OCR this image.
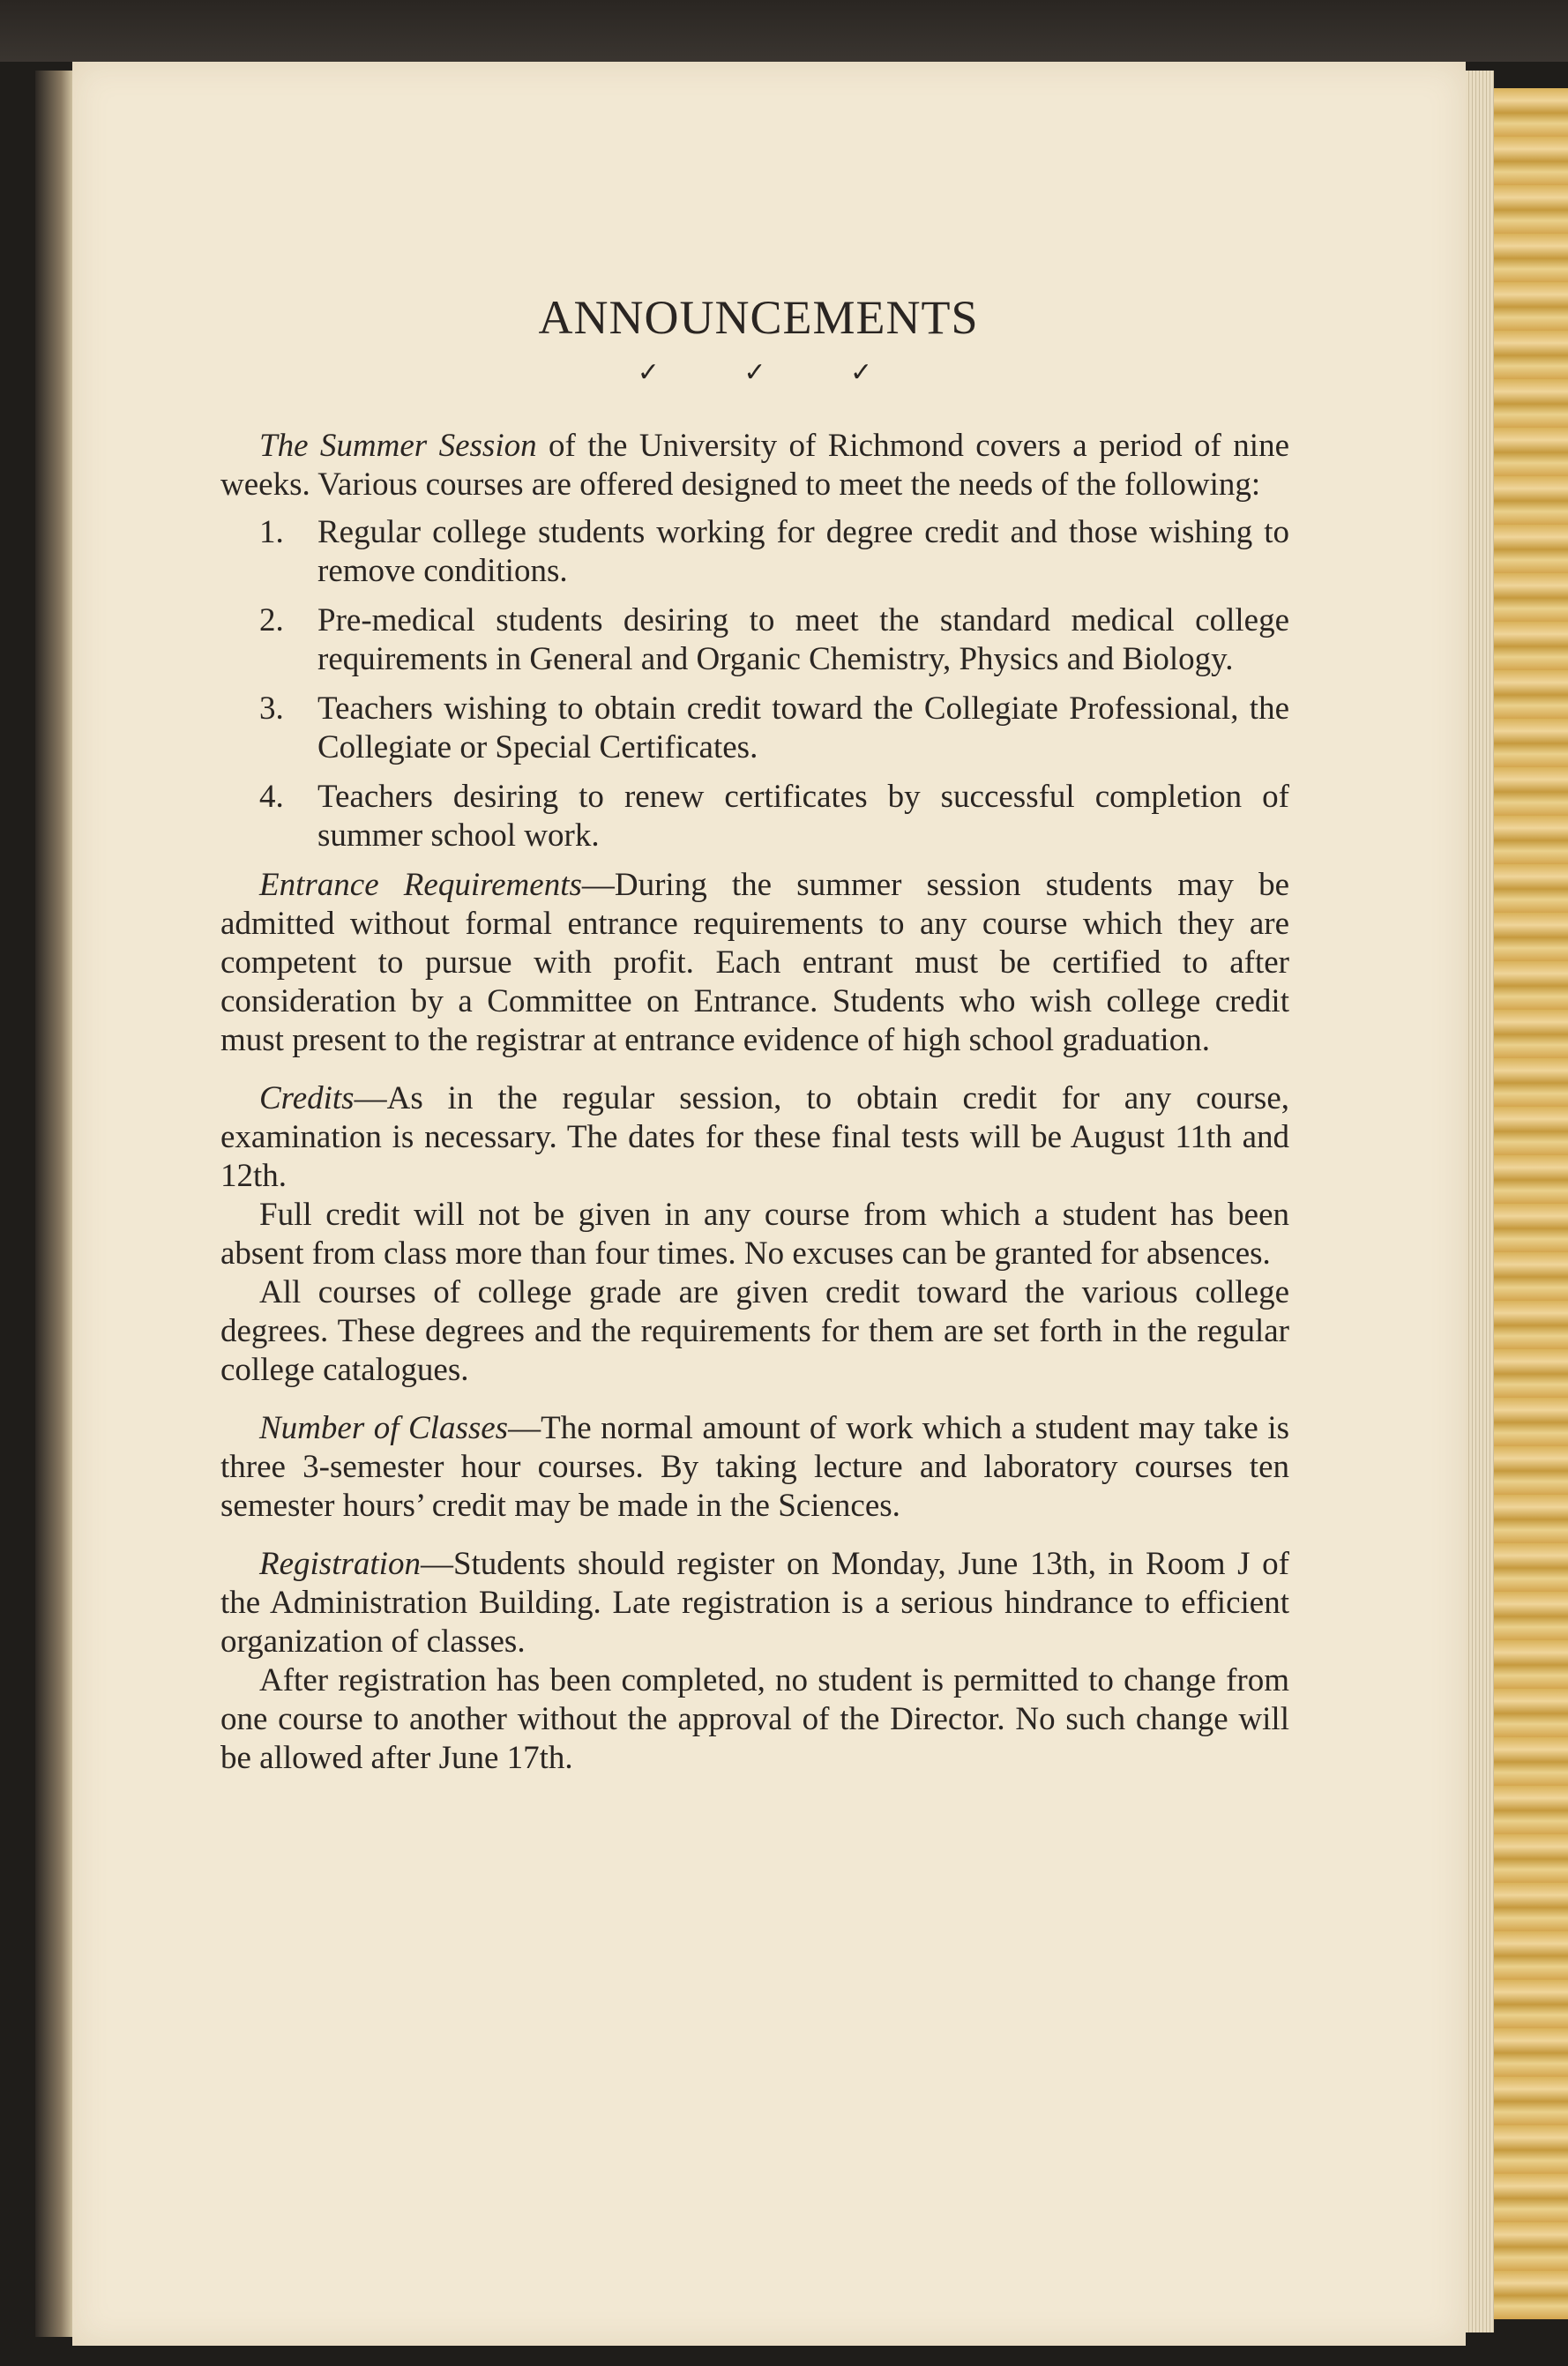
ANNOUNCEMENTS
✓ ✓ ✓

The Summer Session of the University of Richmond covers a period of nine weeks. Various courses are offered designed to meet the needs of the following:

1. Regular college students working for degree credit and those wishing to remove conditions.
2. Pre-medical students desiring to meet the standard medical college requirements in General and Organic Chemistry, Physics and Biology.
3. Teachers wishing to obtain credit toward the Collegiate Professional, the Collegiate or Special Certificates.
4. Teachers desiring to renew certificates by successful completion of summer school work.

Entrance Requirements—During the summer session students may be admitted without formal entrance requirements to any course which they are competent to pursue with profit. Each entrant must be certified to after consideration by a Committee on Entrance. Students who wish college credit must present to the registrar at entrance evidence of high school graduation.

Credits—As in the regular session, to obtain credit for any course, examination is necessary. The dates for these final tests will be August 11th and 12th.

Full credit will not be given in any course from which a student has been absent from class more than four times. No excuses can be granted for absences.

All courses of college grade are given credit toward the various college degrees. These degrees and the requirements for them are set forth in the regular college catalogues.

Number of Classes—The normal amount of work which a student may take is three 3-semester hour courses. By taking lecture and laboratory courses ten semester hours’ credit may be made in the Sciences.

Registration—Students should register on Monday, June 13th, in Room J of the Administration Building. Late registration is a serious hindrance to efficient organization of classes.

After registration has been completed, no student is permitted to change from one course to another without the approval of the Director. No such change will be allowed after June 17th.
